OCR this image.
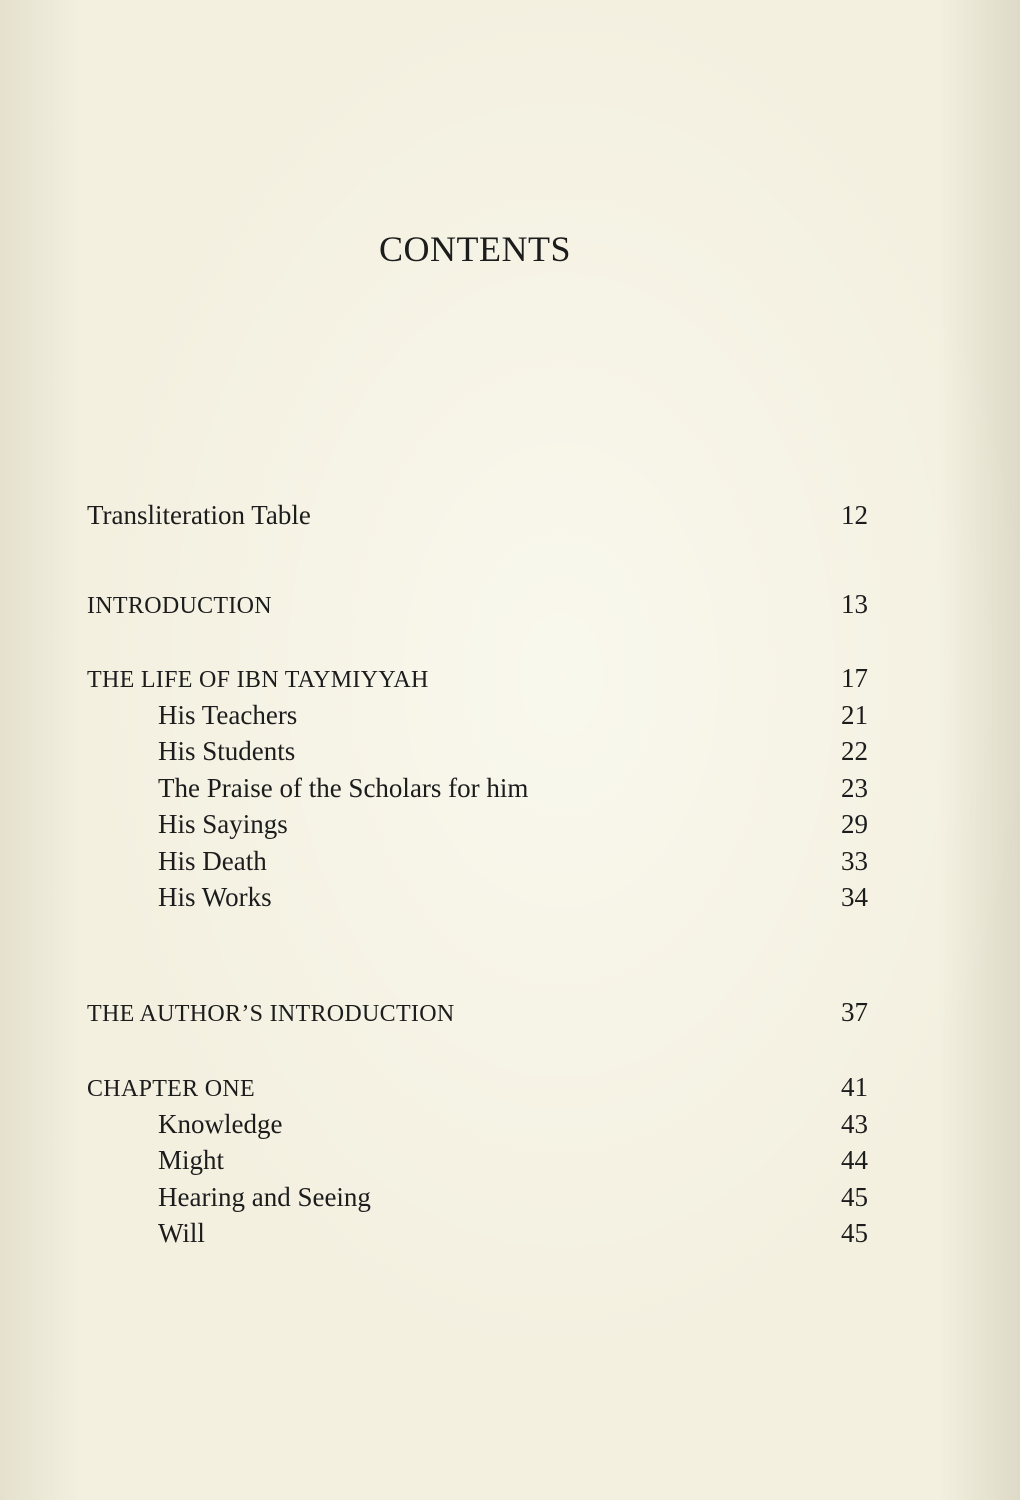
CONTENTS
Transliteration Table	12
INTRODUCTION	13
THE LIFE OF IBN TAYMIYYAH	17
His Teachers	21
His Students	22
The Praise of the Scholars for him	23
His Sayings	29
His Death	33
His Works	34
THE AUTHOR’S INTRODUCTION	37
CHAPTER ONE	41
Knowledge	43
Might	44
Hearing and Seeing	45
Will	45
